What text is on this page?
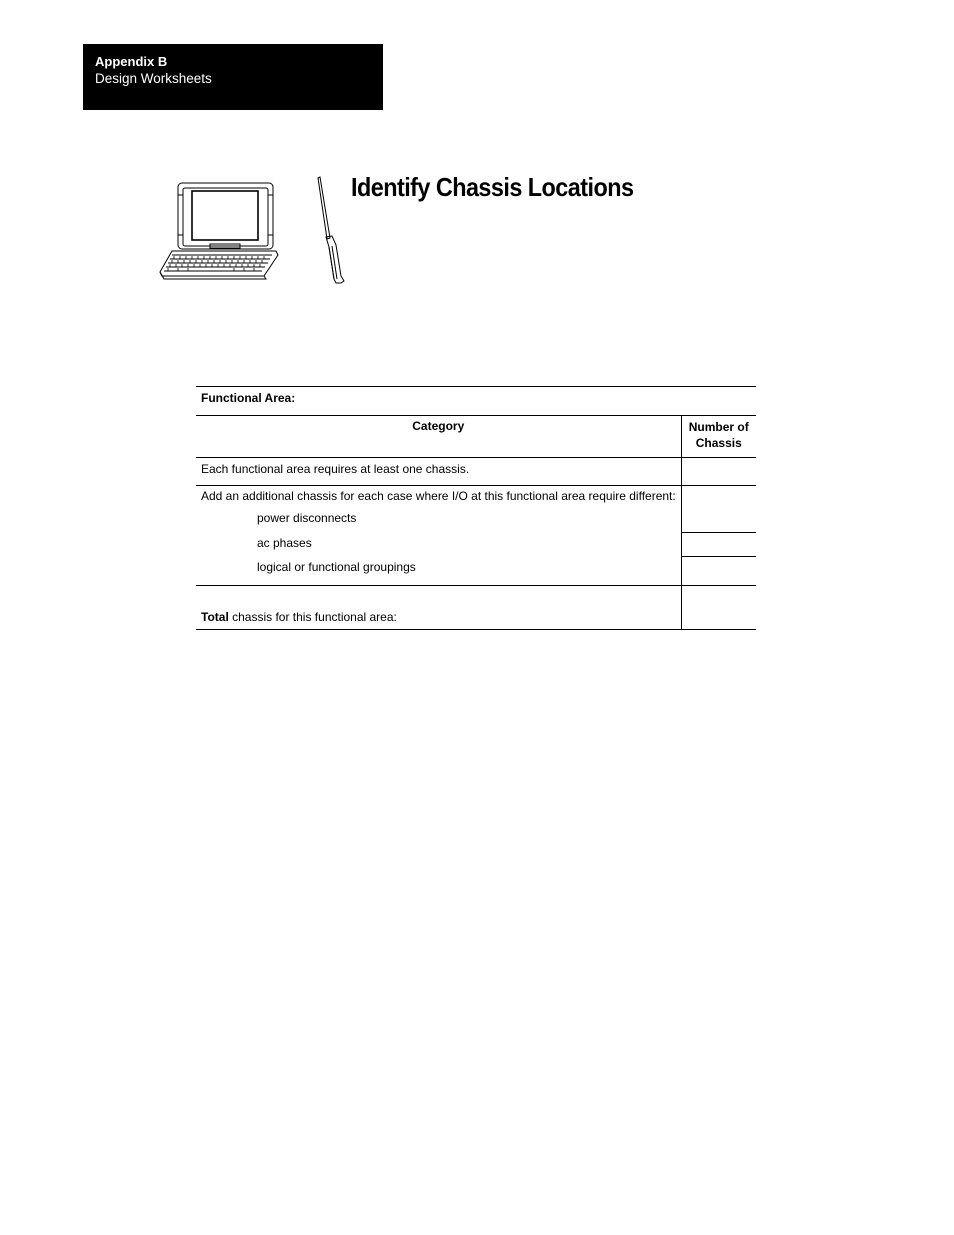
Appendix B
Design Worksheets
Identify Chassis Locations
Functional Area:	
Category	Number of
Chassis

Each functional area requires at least one chassis.	

Add an additional chassis for each case where I/O at this functional area require different:
power disconnects
ac phases
logical or functional groupings	

Total chassis for this functional area:	
